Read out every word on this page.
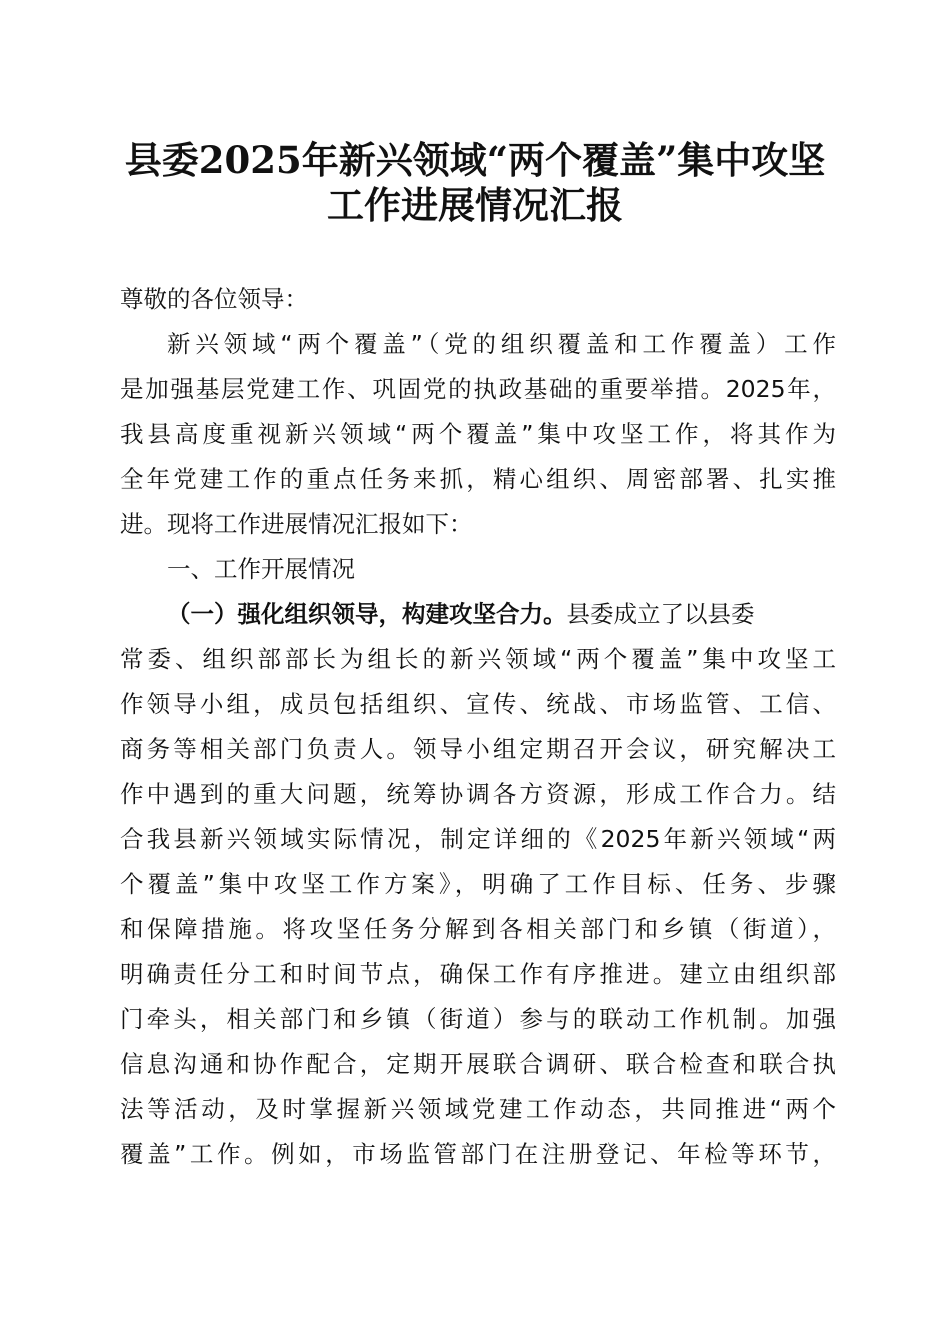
县委2025年新兴领域“两个覆盖”集中攻坚
工作进展情况汇报
尊敬的各位领导：
新兴领域“两个覆盖”（党的组织覆盖和工作覆盖）工作
是加强基层党建工作、巩固党的执政基础的重要举措。2025年，
我县高度重视新兴领域“两个覆盖”集中攻坚工作，将其作为
全年党建工作的重点任务来抓，精心组织、周密部署、扎实推
进。现将工作进展情况汇报如下：
一、工作开展情况
（一）强化组织领导，构建攻坚合力。县委成立了以县委
常委、组织部部长为组长的新兴领域“两个覆盖”集中攻坚工
作领导小组，成员包括组织、宣传、统战、市场监管、工信、
商务等相关部门负责人。领导小组定期召开会议，研究解决工
作中遇到的重大问题，统筹协调各方资源，形成工作合力。结
合我县新兴领域实际情况，制定详细的《2025年新兴领域“两
个覆盖”集中攻坚工作方案》，明确了工作目标、任务、步骤
和保障措施。将攻坚任务分解到各相关部门和乡镇（街道），
明确责任分工和时间节点，确保工作有序推进。建立由组织部
门牵头，相关部门和乡镇（街道）参与的联动工作机制。加强
信息沟通和协作配合，定期开展联合调研、联合检查和联合执
法等活动，及时掌握新兴领域党建工作动态，共同推进“两个
覆盖”工作。例如，市场监管部门在注册登记、年检等环节，
